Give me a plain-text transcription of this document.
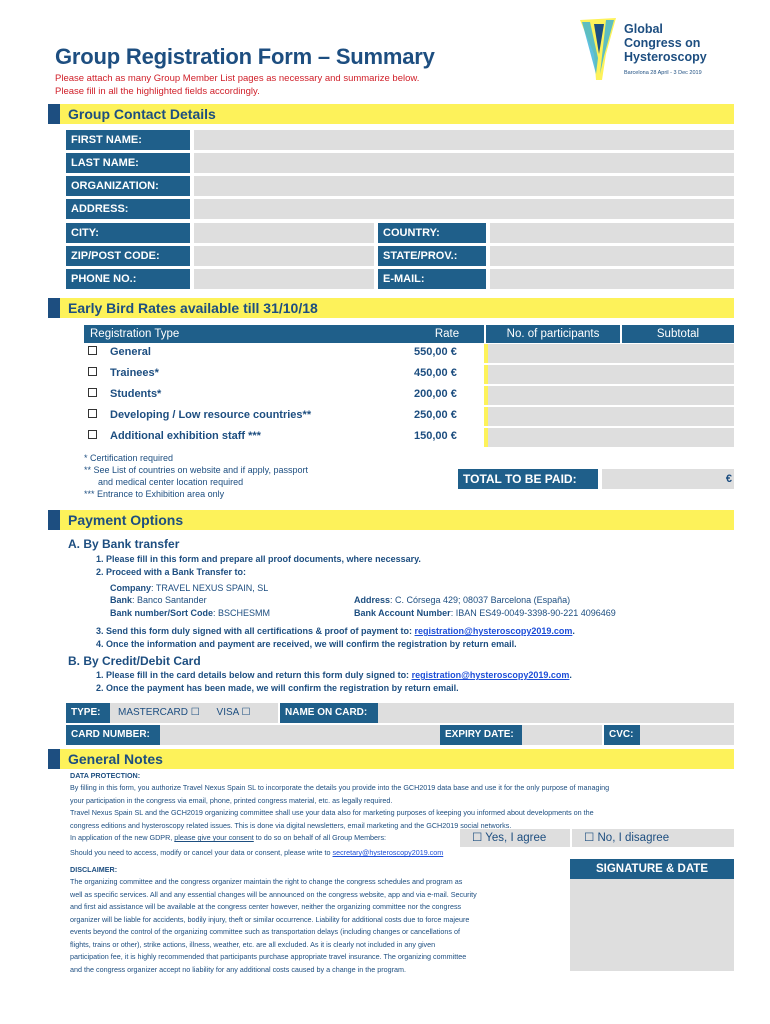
Group Registration Form – Summary
Please attach as many Group Member List pages as necessary and summarize below.
Please fill in all the highlighted fields accordingly.
Global
Congress on
Hysteroscopy
Barcelona 28 April - 3 Dec 2019
Group Contact Details
FIRST NAME:
LAST NAME:
ORGANIZATION:
ADDRESS:
CITY:	COUNTRY:
ZIP/POST CODE:	STATE/PROV.:
PHONE NO.:	E-MAIL:
Early Bird Rates available till 31/10/18
Registration Type	Rate	No. of participants	Subtotal
General	550,00 €
Trainees*	450,00 €
Students*	200,00 €
Developing / Low resource countries**	250,00 €
Additional exhibition staff ***	150,00 €
* Certification required
** See List of countries on website and if apply, passport
and medical center location required
*** Entrance to Exhibition area only
TOTAL TO BE PAID:	€
Payment Options
A. By Bank transfer
1. Please fill in this form and prepare all proof documents, where necessary.
2. Proceed with a Bank Transfer to:
Company: TRAVEL NEXUS SPAIN, SL
Bank: Banco Santander
Bank number/Sort Code: BSCHESMM
Address: C. Córsega 429; 08037 Barcelona (España)
Bank Account Number: IBAN ES49-0049-3398-90-221 4096469
3. Send this form duly signed with all certifications & proof of payment to: registration@hysteroscopy2019.com.
4. Once the information and payment are received, we will confirm the registration by return email.
B. By Credit/Debit Card
1. Please fill in the card details below and return this form duly signed to: registration@hysteroscopy2019.com.
2. Once the payment has been made, we will confirm the registration by return email.
TYPE:	MASTERCARD ☐ VISA ☐	NAME ON CARD:
CARD NUMBER:	EXPIRY DATE:	CVC:
General Notes
DATA PROTECTION:
By filling in this form, you authorize Travel Nexus Spain SL to incorporate the details you provide into the GCH2019 data base and use it for the only purpose of managing
your participation in the congress via email, phone, printed congress material, etc. as legally required.
Travel Nexus Spain SL and the GCH2019 organizing committee shall use your data also for marketing purposes of keeping you informed about developments on the
congress editions and hysteroscopy related issues. This is done via digital newsletters, email marketing and the GCH2019 social networks.
In application of the new GDPR, please give your consent to do so on behalf of all Group Members:	☐ Yes, I agree	☐ No, I disagree
Should you need to access, modify or cancel your data or consent, please write to secretary@hysteroscopy2019.com
DISCLAIMER:
The organizing committee and the congress organizer maintain the right to change the congress schedules and program as
well as specific services. All and any essential changes will be announced on the congress website, app and via e-mail. Security
and first aid assistance will be available at the congress center however, neither the organizing committee nor the congress
organizer will be liable for accidents, bodily injury, theft or similar occurrence. Liability for additional costs due to force majeure
events beyond the control of the organizing committee such as transportation delays (including changes or cancellations of
flights, trains or other), strike actions, illness, weather, etc. are all excluded. As it is clearly not included in any given
participation fee, it is highly recommended that participants purchase appropriate travel insurance. The organizing committee
and the congress organizer accept no liability for any additional costs caused by a change in the program.
SIGNATURE & DATE
